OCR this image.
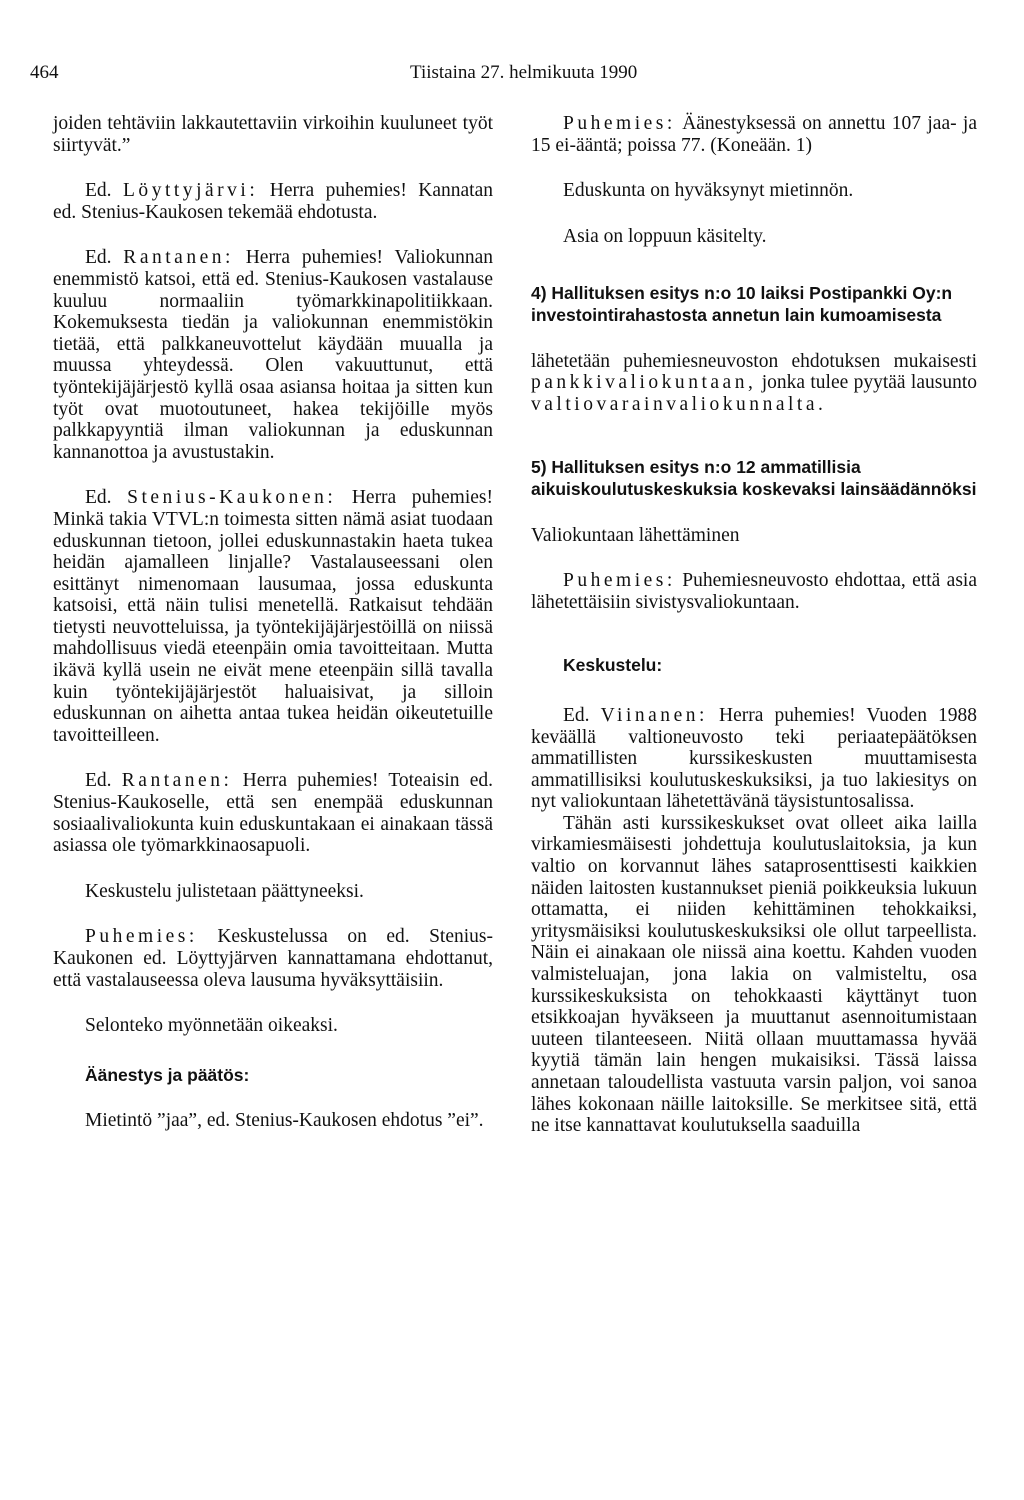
464	Tiistaina 27. helmikuuta 1990

joiden tehtäviin lakkautettaviin virkoihin kuuluneet työt siirtyvät.”

Ed. Löyttyjärvi: Herra puhemies! Kannatan ed. Stenius-Kaukosen tekemää ehdotusta.

Ed. Rantanen: Herra puhemies! Valiokunnan enemmistö katsoi, että ed. Stenius-Kaukosen vastalause kuuluu normaaliin työmarkkinapolitiikkaan. Kokemuksesta tiedän ja valiokunnan enemmistökin tietää, että palkkaneuvottelut käydään muualla ja muussa yhteydessä. Olen vakuuttunut, että työntekijäjärjestö kyllä osaa asiansa hoitaa ja sitten kun työt ovat muotoutuneet, hakea tekijöille myös palkkapyyntiä ilman valiokunnan ja eduskunnan kannanottoa ja avustustakin.

Ed. Stenius-Kaukonen: Herra puhemies! Minkä takia VTVL:n toimesta sitten nämä asiat tuodaan eduskunnan tietoon, jollei eduskunnastakin haeta tukea heidän ajamalleen linjalle? Vastalauseessani olen esittänyt nimenomaan lausumaa, jossa eduskunta katsoisi, että näin tulisi menetellä. Ratkaisut tehdään tietysti neuvotteluissa, ja työntekijäjärjestöillä on niissä mahdollisuus viedä eteenpäin omia tavoitteitaan. Mutta ikävä kyllä usein ne eivät mene eteenpäin sillä tavalla kuin työntekijäjärjestöt haluaisivat, ja silloin eduskunnan on aihetta antaa tukea heidän oikeutetuille tavoitteilleen.

Ed. Rantanen: Herra puhemies! Toteaisin ed. Stenius-Kaukoselle, että sen enempää eduskunnan sosiaalivaliokunta kuin eduskuntakaan ei ainakaan tässä asiassa ole työmarkkinaosapuoli.

Keskustelu julistetaan päättyneeksi.

Puhemies: Keskustelussa on ed. Stenius-Kaukonen ed. Löyttyjärven kannattamana ehdottanut, että vastalauseessa oleva lausuma hyväksyttäisiin.

Selonteko myönnetään oikeaksi.

Äänestys ja päätös:

Mietintö ”jaa”, ed. Stenius-Kaukosen ehdotus ”ei”.

Puhemies: Äänestyksessä on annettu 107 jaa- ja 15 ei-ääntä; poissa 77. (Koneään. 1)

Eduskunta on hyväksynyt mietinnön.

Asia on loppuun käsitelty.

4) Hallituksen esitys n:o 10 laiksi Postipankki Oy:n investointirahastosta annetun lain kumoamisesta

lähetetään puhemiesneuvoston ehdotuksen mukaisesti pankkivaliokuntaan, jonka tulee pyytää lausunto valtiovarainvaliokunnalta.

5) Hallituksen esitys n:o 12 ammatillisia aikuiskoulutuskeskuksia koskevaksi lainsäädännöksi

Valiokuntaan lähettäminen

Puhemies: Puhemiesneuvosto ehdottaa, että asia lähetettäisiin sivistysvaliokuntaan.

Keskustelu:

Ed. Viinanen: Herra puhemies! Vuoden 1988 keväällä valtioneuvosto teki periaatepäätöksen ammatillisten kurssikeskusten muuttamisesta ammatillisiksi koulutuskeskuksiksi, ja tuo lakiesitys on nyt valiokuntaan lähetettävänä täysistuntosalissa.

Tähän asti kurssikeskukset ovat olleet aika lailla virkamiesmäisesti johdettuja koulutuslaitoksia, ja kun valtio on korvannut lähes sataprosenttisesti kaikkien näiden laitosten kustannukset pieniä poikkeuksia lukuun ottamatta, ei niiden kehittäminen tehokkaiksi, yritysmäisiksi koulutuskeskuksiksi ole ollut tarpeellista. Näin ei ainakaan ole niissä aina koettu. Kahden vuoden valmisteluajan, jona lakia on valmisteltu, osa kurssikeskuksista on tehokkaasti käyttänyt tuon etsikkoajan hyväkseen ja muuttanut asennoitumistaan uuteen tilanteeseen. Niitä ollaan muuttamassa hyvää kyytiä tämän lain hengen mukaisiksi. Tässä laissa annetaan taloudellista vastuuta varsin paljon, voi sanoa lähes kokonaan näille laitoksille. Se merkitsee sitä, että ne itse kannattavat koulutuksella saaduilla
